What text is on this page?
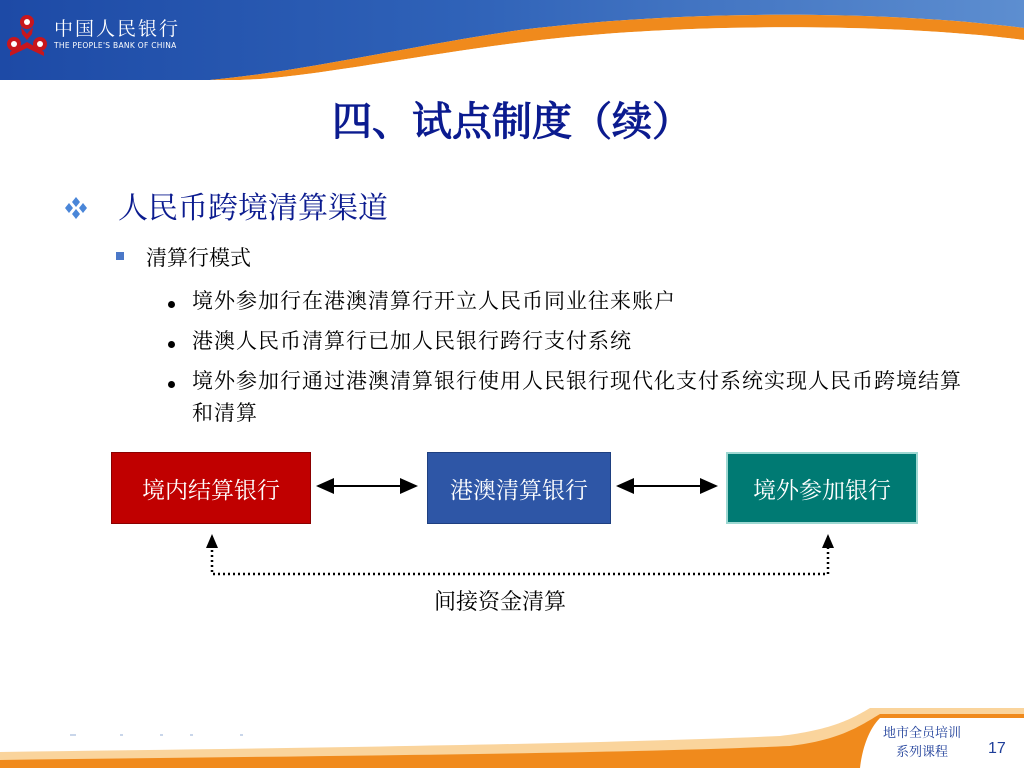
中国人民银行
THE PEOPLE'S BANK OF CHINA
四、试点制度（续）
人民币跨境清算渠道
清算行模式
境外参加行在港澳清算行开立人民币同业往来账户
港澳人民币清算行已加人民银行跨行支付系统
境外参加行通过港澳清算银行使用人民银行现代化支付系统实现人民币跨境结算和清算
境内结算银行	港澳清算银行	境外参加银行
间接资金清算
地市全员培训
系列课程	17
